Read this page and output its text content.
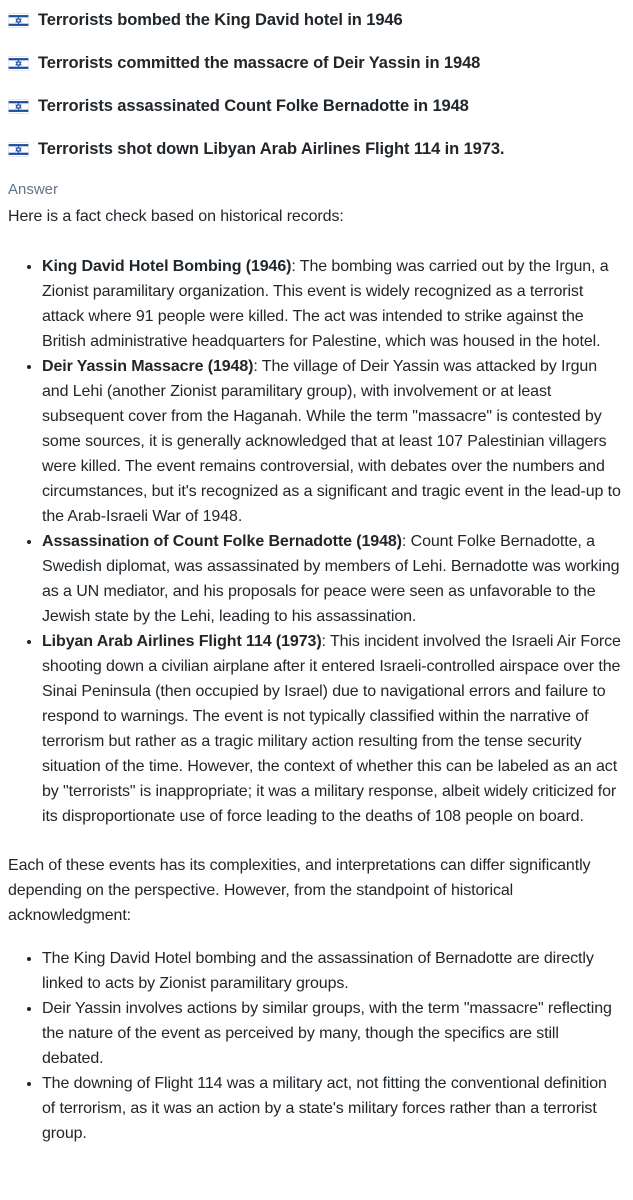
Terrorists bombed the King David hotel in 1946
Terrorists committed the massacre of Deir Yassin in 1948
Terrorists assassinated Count Folke Bernadotte in 1948
Terrorists shot down Libyan Arab Airlines Flight 114 in 1973.
Answer

Here is a fact check based on historical records:

• King David Hotel Bombing (1946): The bombing was carried out by the Irgun, a Zionist paramilitary organization. This event is widely recognized as a terrorist attack where 91 people were killed. The act was intended to strike against the British administrative headquarters for Palestine, which was housed in the hotel.
• Deir Yassin Massacre (1948): The village of Deir Yassin was attacked by Irgun and Lehi (another Zionist paramilitary group), with involvement or at least subsequent cover from the Haganah. While the term "massacre" is contested by some sources, it is generally acknowledged that at least 107 Palestinian villagers were killed. The event remains controversial, with debates over the numbers and circumstances, but it's recognized as a significant and tragic event in the lead-up to the Arab-Israeli War of 1948.
• Assassination of Count Folke Bernadotte (1948): Count Folke Bernadotte, a Swedish diplomat, was assassinated by members of Lehi. Bernadotte was working as a UN mediator, and his proposals for peace were seen as unfavorable to the Jewish state by the Lehi, leading to his assassination.
• Libyan Arab Airlines Flight 114 (1973): This incident involved the Israeli Air Force shooting down a civilian airplane after it entered Israeli-controlled airspace over the Sinai Peninsula (then occupied by Israel) due to navigational errors and failure to respond to warnings. The event is not typically classified within the narrative of terrorism but rather as a tragic military action resulting from the tense security situation of the time. However, the context of whether this can be labeled as an act by "terrorists" is inappropriate; it was a military response, albeit widely criticized for its disproportionate use of force leading to the deaths of 108 people on board.

Each of these events has its complexities, and interpretations can differ significantly depending on the perspective. However, from the standpoint of historical acknowledgment:

• The King David Hotel bombing and the assassination of Bernadotte are directly linked to acts by Zionist paramilitary groups.
• Deir Yassin involves actions by similar groups, with the term "massacre" reflecting the nature of the event as perceived by many, though the specifics are still debated.
• The downing of Flight 114 was a military act, not fitting the conventional definition of terrorism, as it was an action by a state's military forces rather than a terrorist group.
